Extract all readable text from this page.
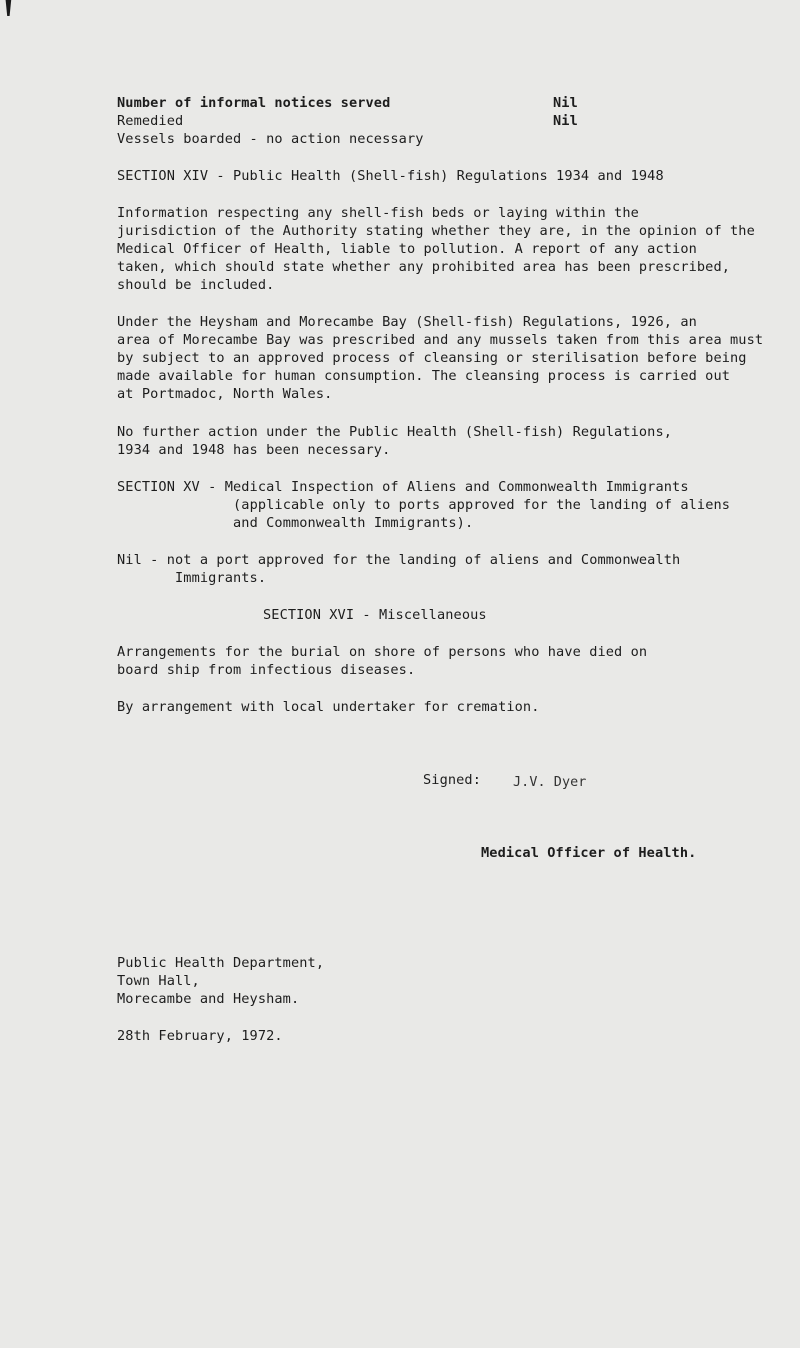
Number of informal notices served	Nil
Remedied	Nil
Vessels boarded - no action necessary
SECTION XIV - Public Health (Shell-fish) Regulations 1934 and 1948
Information respecting any shell-fish beds or laying within the
jurisdiction of the Authority stating whether they are, in the opinion of the
Medical Officer of Health, liable to pollution. A report of any action
taken, which should state whether any prohibited area has been prescribed,
should be included.
Under the Heysham and Morecambe Bay (Shell-fish) Regulations, 1926, an
area of Morecambe Bay was prescribed and any mussels taken from this area must
by subject to an approved process of cleansing or sterilisation before being
made available for human consumption. The cleansing process is carried out
at Portmadoc, North Wales.
No further action under the Public Health (Shell-fish) Regulations,
1934 and 1948 has been necessary.
SECTION XV - Medical Inspection of Aliens and Commonwealth Immigrants
(applicable only to ports approved for the landing of aliens
and Commonwealth Immigrants).
Nil - not a port approved for the landing of aliens and Commonwealth
Immigrants.
SECTION XVI - Miscellaneous
Arrangements for the burial on shore of persons who have died on
board ship from infectious diseases.
By arrangement with local undertaker for cremation.
Signed: J.V. Dyer
Medical Officer of Health.
Public Health Department,
Town Hall,
Morecambe and Heysham.
28th February, 1972.
